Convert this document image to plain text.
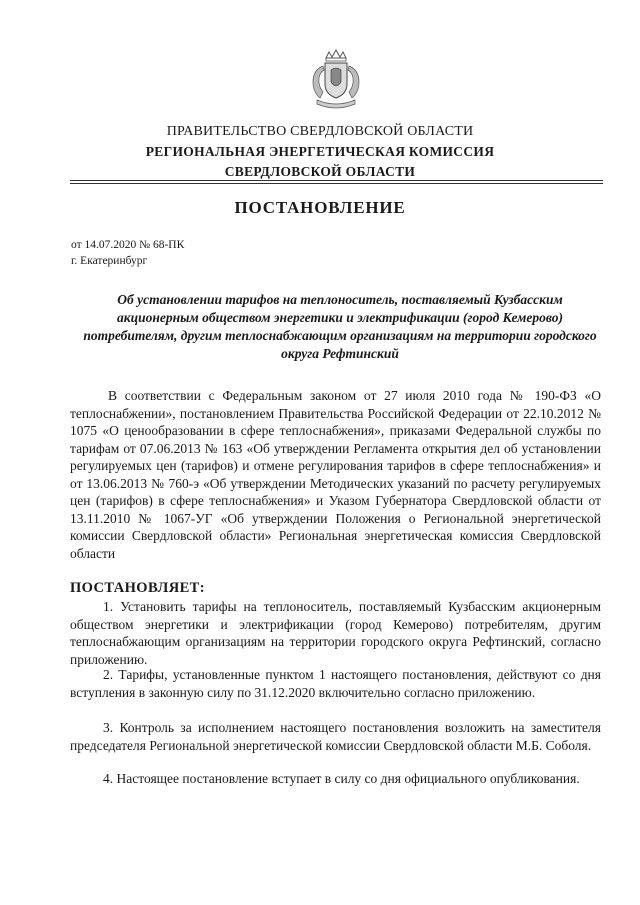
ПРАВИТЕЛЬСТВО СВЕРДЛОВСКОЙ ОБЛАСТИ
РЕГИОНАЛЬНАЯ ЭНЕРГЕТИЧЕСКАЯ КОМИССИЯ
СВЕРДЛОВСКОЙ ОБЛАСТИ
ПОСТАНОВЛЕНИЕ
от 14.07.2020 № 68-ПК
г. Екатеринбург
Об установлении тарифов на теплоноситель, поставляемый Кузбасским акционерным обществом энергетики и электрификации (город Кемерово) потребителям, другим теплоснабжающим организациям на территории городского округа Рефтинский
В соответствии с Федеральным законом от 27 июля 2010 года № 190-ФЗ «О теплоснабжении», постановлением Правительства Российской Федерации от 22.10.2012 № 1075 «О ценообразовании в сфере теплоснабжения», приказами Федеральной службы по тарифам от 07.06.2013 № 163 «Об утверждении Регламента открытия дел об установлении регулируемых цен (тарифов) и отмене регулирования тарифов в сфере теплоснабжения» и от 13.06.2013 № 760-э «Об утверждении Методических указаний по расчету регулируемых цен (тарифов) в сфере теплоснабжения» и Указом Губернатора Свердловской области от 13.11.2010 № 1067-УГ «Об утверждении Положения о Региональной энергетической комиссии Свердловской области» Региональная энергетическая комиссия Свердловской области
ПОСТАНОВЛЯЕТ:
1. Установить тарифы на теплоноситель, поставляемый Кузбасским акционерным обществом энергетики и электрификации (город Кемерово) потребителям, другим теплоснабжающим организациям на территории городского округа Рефтинский, согласно приложению.
2. Тарифы, установленные пунктом 1 настоящего постановления, действуют со дня вступления в законную силу по 31.12.2020 включительно согласно приложению.
3. Контроль за исполнением настоящего постановления возложить на заместителя председателя Региональной энергетической комиссии Свердловской области М.Б. Соболя.
4. Настоящее постановление вступает в силу со дня официального опубликования.
